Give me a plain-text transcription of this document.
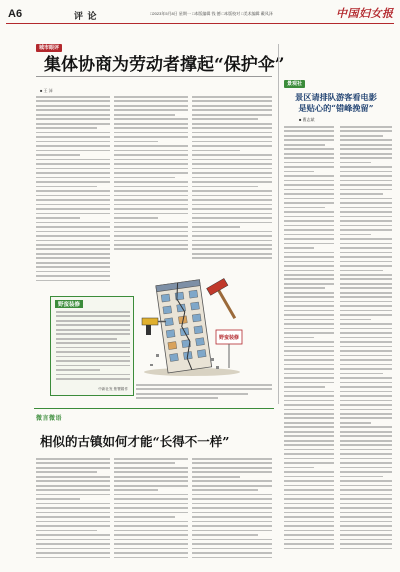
A6	评 论	□2023年5月8日 星期一 □本版编辑 钱 德 □本版校对 □美术编辑 戴凤泽	中国妇女报
城市眼评
集体协商为劳动者撑起“保护伞”
■ 王 沛
野蛮装修
中新社发 焦署娟作
野蛮装修
景观社
景区请排队游客看电影
是贴心的“错峰挽留”
■ 曹志斌
微言微语
相似的古镇如何才能“长得不一样”
